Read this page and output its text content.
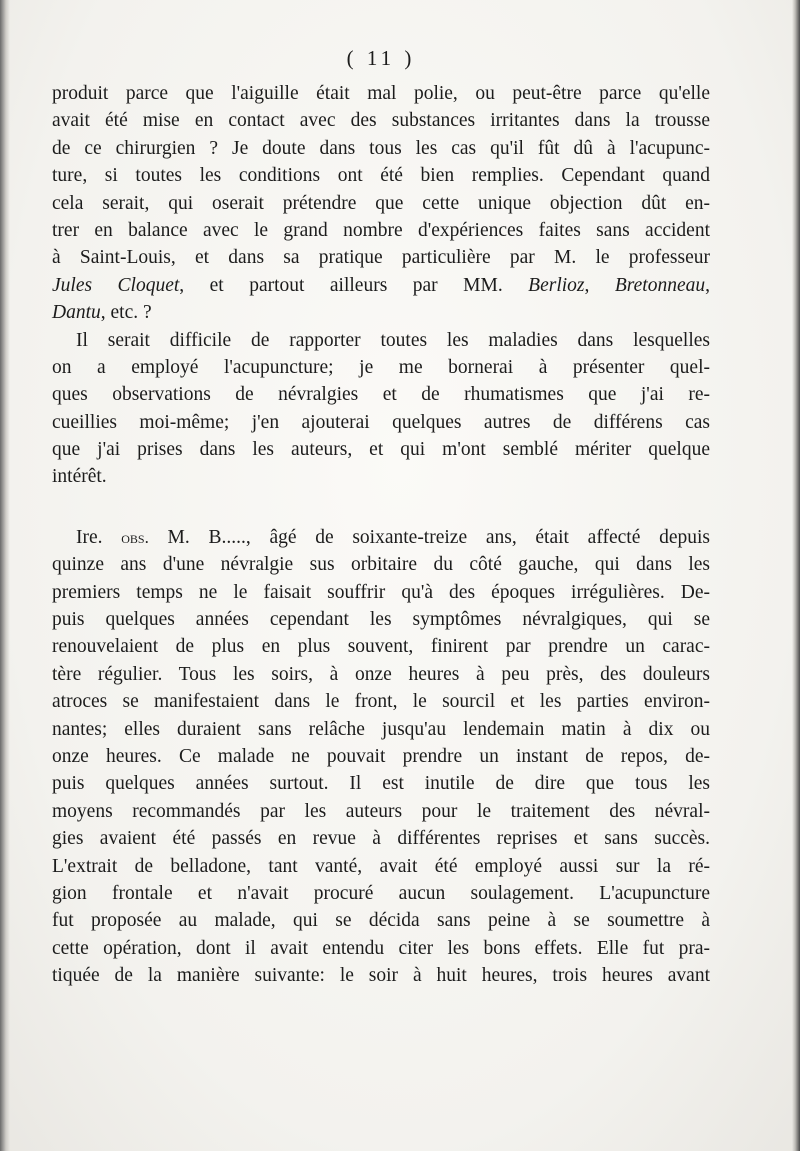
( 11 )
produit parce que l'aiguille était mal polie, ou peut-être parce qu'elle
avait été mise en contact avec des substances irritantes dans la trousse
de ce chirurgien ? Je doute dans tous les cas qu'il fût dû à l'acupunc-
ture, si toutes les conditions ont été bien remplies. Cependant quand
cela serait, qui oserait prétendre que cette unique objection dût en-
trer en balance avec le grand nombre d'expériences faites sans accident
à Saint-Louis, et dans sa pratique particulière par M. le professeur
Jules Cloquet, et partout ailleurs par MM. Berlioz, Bretonneau,
Dantu, etc. ?
Il serait difficile de rapporter toutes les maladies dans lesquelles
on a employé l'acupuncture; je me bornerai à présenter quel-
ques observations de névralgies et de rhumatismes que j'ai re-
cueillies moi-même; j'en ajouterai quelques autres de différens cas
que j'ai prises dans les auteurs, et qui m'ont semblé mériter quelque
intérêt.
Ire. obs. M. B....., âgé de soixante-treize ans, était affecté depuis
quinze ans d'une névralgie sus orbitaire du côté gauche, qui dans les
premiers temps ne le faisait souffrir qu'à des époques irrégulières. De-
puis quelques années cependant les symptômes névralgiques, qui se
renouvelaient de plus en plus souvent, finirent par prendre un carac-
tère régulier. Tous les soirs, à onze heures à peu près, des douleurs
atroces se manifestaient dans le front, le sourcil et les parties environ-
nantes; elles duraient sans relâche jusqu'au lendemain matin à dix ou
onze heures. Ce malade ne pouvait prendre un instant de repos, de-
puis quelques années surtout. Il est inutile de dire que tous les
moyens recommandés par les auteurs pour le traitement des névral-
gies avaient été passés en revue à différentes reprises et sans succès.
L'extrait de belladone, tant vanté, avait été employé aussi sur la ré-
gion frontale et n'avait procuré aucun soulagement. L'acupuncture
fut proposée au malade, qui se décida sans peine à se soumettre à
cette opération, dont il avait entendu citer les bons effets. Elle fut pra-
tiquée de la manière suivante: le soir à huit heures, trois heures avant
